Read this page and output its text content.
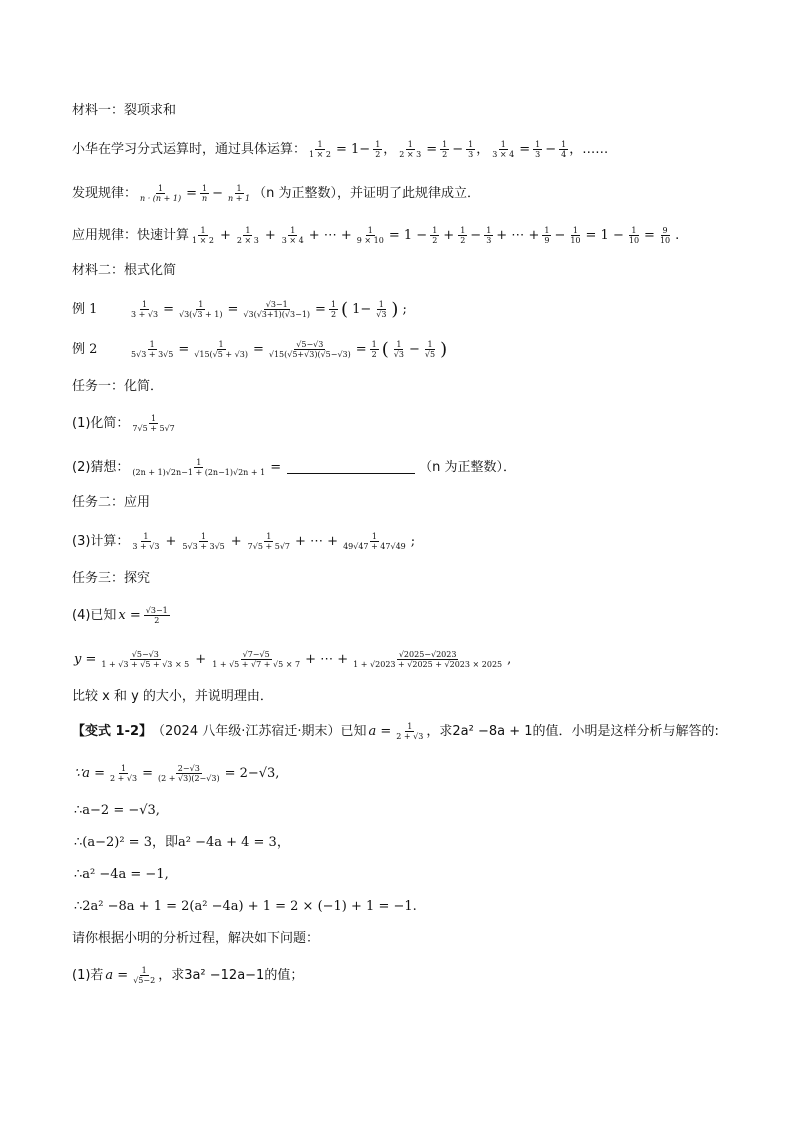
材料一：裂项求和
小华在学习分式运算时，通过具体运算： $\frac{1}{1 \times 2} = 1- \frac{1}{2}$ ， $\frac{1}{2 \times 3} = \frac{1}{2} - \frac{1}{3}$ ， $\frac{1}{3 \times 4} = \frac{1}{3} - \frac{1}{4}$ ，……
发现规律： $\frac{1}{n \cdot (n + 1)} = \frac{1}{n} - \frac{1}{n + 1} (n$ 为正整数），并证明了此规律成立．
应用规律：快速计算 $\frac{1}{1 \times 2} + \frac{1}{2 \times 3} + \frac{1}{3 \times 4}$ + ⋯ + $\frac{1}{9 \times 10} = 1 - \frac{1}{2} + \frac{1}{2} - \frac{1}{3}$ + ⋯ + $\frac{1}{9} - \frac{1}{10} = 1 - \frac{1}{10} = \frac{9}{10}$ .
材料二：根式化简
例 1	$\frac{1}{3 + √3} = \frac{1}{√3(√3 + 1)} = \frac{√3-1}{√3(√3+1)(√3-1)} = \frac{1}{2}$ ( $1- \frac{1}{√3}$ ) ;
例 2	$\frac{1}{5√3 + 3√5} = \frac{1}{√15(√5 + √3)} = \frac{√5-√3}{√15(√5+√3)(√5-√3)} = \frac{1}{2}$ ( $\frac{1}{√3} - \frac{1}{√5}$ )
任务一：化简．
(1)化简： $\frac{1}{7√5 + 5√7}$
(2)猜想： $\frac{1}{(2n + 1)√2n-1 + (2n-1)√2n + 1}$ =	（n 为正整数）．
任务二：应用
(3)计算： $\frac{1}{3 + √3} + \frac{1}{5√3 + 3√5} + \frac{1}{7√5 + 5√7}$ + ⋯ + $\frac{1}{49√47 + 47√49}$ ;
任务三：探究
(4)已知 $x = \frac{√3-1}{2}$
$y = \frac{√5-√3}{1 + √3 + √5 + √3 \times 5} + \frac{√7-√5}{1 + √5 + √7 + √5 \times 7}$ + ⋯ + $\frac{√2025-√2023}{1 + √2023 + √2025 + √2023 \times 2025}$ ,
比较 x 和 y 的大小，并说明理由．
【变式 1-2】 （2024 八年级·江苏宿迁·期末）已知 $a = \frac{1}{2 + √3}$ ，求2a² −8a + 1的值．小明是这样分析与解答的:
∵a = $\frac{1}{2 + √3} = \frac{2-√3}{(2 + √3)(2-√3)} = 2-√3$,
∴a−2 = −√3,
∴(a−2)² = 3，即a² −4a + 4 = 3，
∴a² −4a = −1,
∴2a² −8a + 1 = 2(a² −4a) + 1 = 2 × (−1) + 1 = −1.
请你根据小明的分析过程，解决如下问题：
(1)若 $a = \frac{1}{√5-2}$ ，求3a² −12a−1的值；
